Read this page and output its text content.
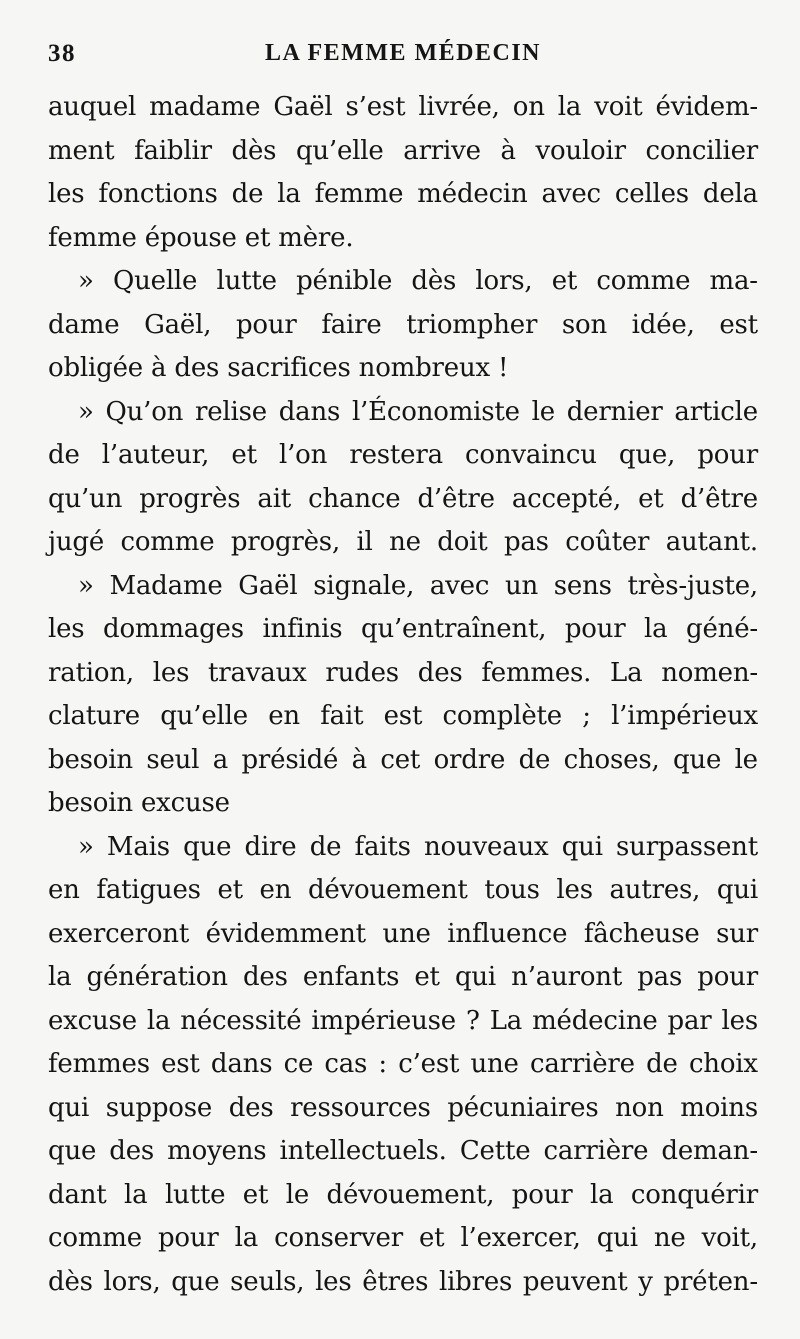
38	LA FEMME MÉDECIN
auquel madame Gaël s’est livrée, on la voit évidem-
ment faiblir dès qu’elle arrive à vouloir concilier
les fonctions de la femme médecin avec celles dela
femme épouse et mère.
» Quelle lutte pénible dès lors, et comme ma-
dame Gaël, pour faire triompher son idée, est
obligée à des sacrifices nombreux !
» Qu’on relise dans l’Économiste le dernier article
de l’auteur, et l’on restera convaincu que, pour
qu’un progrès ait chance d’être accepté, et d’être
jugé comme progrès, il ne doit pas coûter autant.
» Madame Gaël signale, avec un sens très-juste,
les dommages infinis qu’entraînent, pour la géné-
ration, les travaux rudes des femmes. La nomen-
clature qu’elle en fait est complète ; l’impérieux
besoin seul a présidé à cet ordre de choses, que le
besoin excuse
» Mais que dire de faits nouveaux qui surpassent
en fatigues et en dévouement tous les autres, qui
exerceront évidemment une influence fâcheuse sur
la génération des enfants et qui n’auront pas pour
excuse la nécessité impérieuse ? La médecine par les
femmes est dans ce cas : c’est une carrière de choix
qui suppose des ressources pécuniaires non moins
que des moyens intellectuels. Cette carrière deman-
dant la lutte et le dévouement, pour la conquérir
comme pour la conserver et l’exercer, qui ne voit,
dès lors, que seuls, les êtres libres peuvent y préten-
